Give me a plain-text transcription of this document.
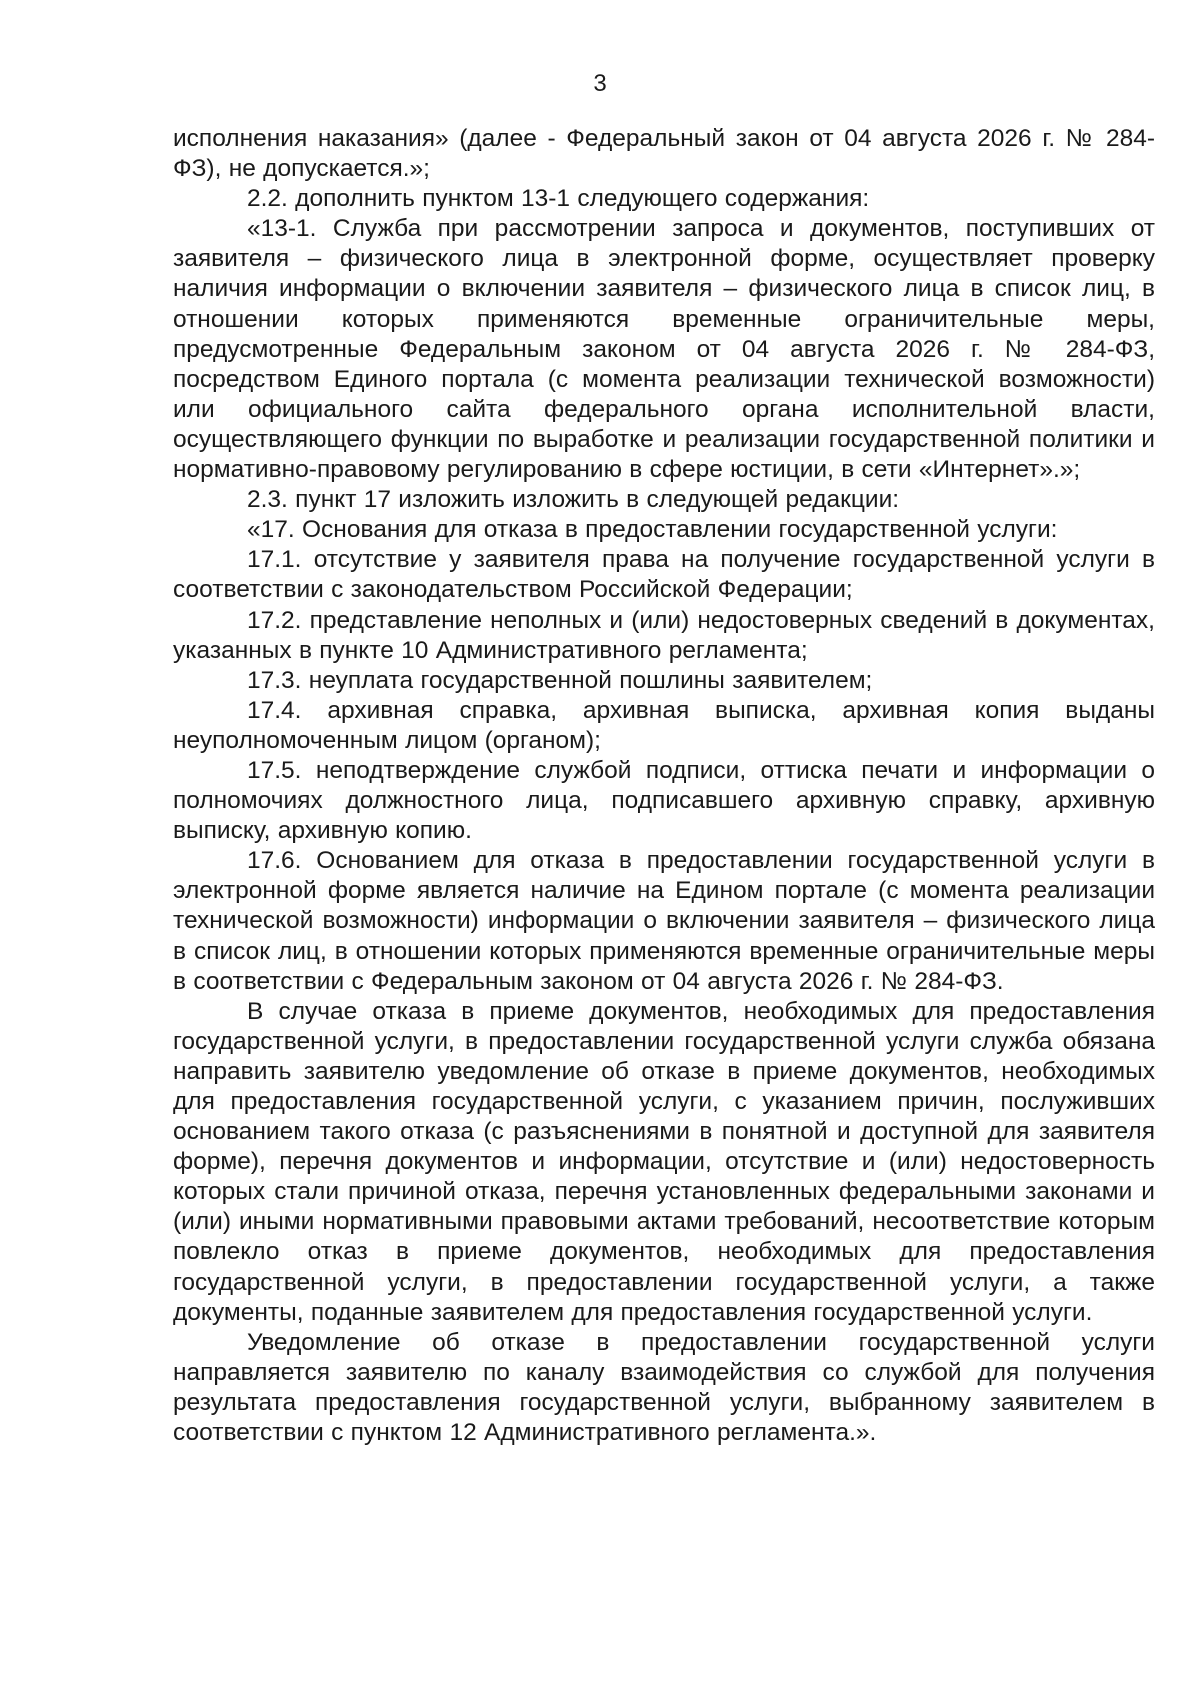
3

исполнения наказания» (далее - Федеральный закон от 04 августа 2026 г. № 284-ФЗ), не допускается.»;

2.2. дополнить пунктом 13-1 следующего содержания:

«13-1. Служба при рассмотрении запроса и документов, поступивших от заявителя – физического лица в электронной форме, осуществляет проверку наличия информации о включении заявителя – физического лица в список лиц, в отношении которых применяются временные ограничительные меры, предусмотренные Федеральным законом от 04 августа 2026 г. № 284-ФЗ, посредством Единого портала (с момента реализации технической возможности) или официального сайта федерального органа исполнительной власти, осуществляющего функции по выработке и реализации государственной политики и нормативно-правовому регулированию в сфере юстиции, в сети «Интернет».»;

2.3. пункт 17 изложить изложить в следующей редакции:

«17. Основания для отказа в предоставлении государственной услуги:

17.1. отсутствие у заявителя права на получение государственной услуги в соответствии с законодательством Российской Федерации;

17.2. представление неполных и (или) недостоверных сведений в документах, указанных в пункте 10 Административного регламента;

17.3. неуплата государственной пошлины заявителем;

17.4. архивная справка, архивная выписка, архивная копия выданы неуполномоченным лицом (органом);

17.5. неподтверждение службой подписи, оттиска печати и информации о полномочиях должностного лица, подписавшего архивную справку, архивную выписку, архивную копию.

17.6. Основанием для отказа в предоставлении государственной услуги в электронной форме является наличие на Едином портале (с момента реализации технической возможности) информации о включении заявителя – физического лица в список лиц, в отношении которых применяются временные ограничительные меры в соответствии с Федеральным законом от 04 августа 2026 г. № 284-ФЗ.

В случае отказа в приеме документов, необходимых для предоставления государственной услуги, в предоставлении государственной услуги служба обязана направить заявителю уведомление об отказе в приеме документов, необходимых для предоставления государственной услуги, с указанием причин, послуживших основанием такого отказа (с разъяснениями в понятной и доступной для заявителя форме), перечня документов и информации, отсутствие и (или) недостоверность которых стали причиной отказа, перечня установленных федеральными законами и (или) иными нормативными правовыми актами требований, несоответствие которым повлекло отказ в приеме документов, необходимых для предоставления государственной услуги, в предоставлении государственной услуги, а также документы, поданные заявителем для предоставления государственной услуги.

Уведомление об отказе в предоставлении государственной услуги направляется заявителю по каналу взаимодействия со службой для получения результата предоставления государственной услуги, выбранному заявителем в соответствии с пунктом 12 Административного регламента.».
